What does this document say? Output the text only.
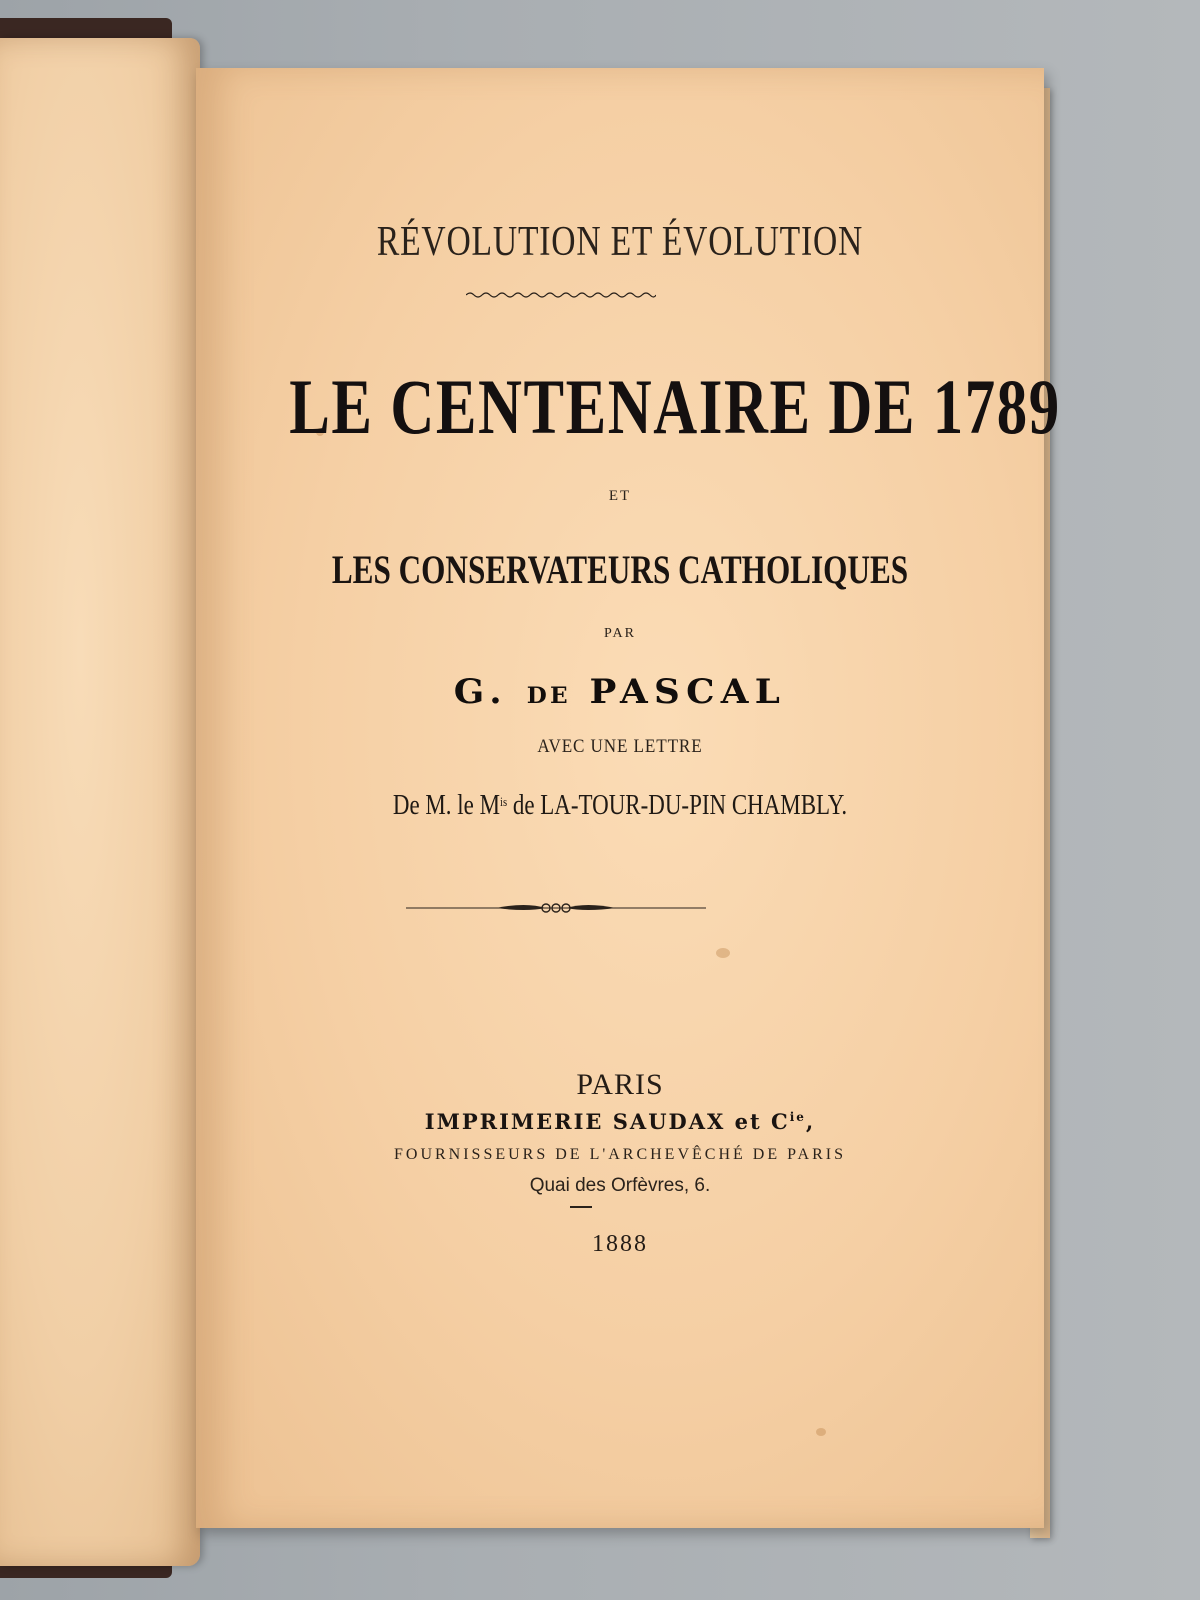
RÉVOLUTION ET ÉVOLUTION
LE CENTENAIRE DE 1789
ET
LES CONSERVATEURS CATHOLIQUES
PAR
G. DE PASCAL
AVEC UNE LETTRE
De M. le $M^{is}$ de LA-TOUR-DU-PIN CHAMBLY.
PARIS
IMPRIMERIE SAUDAX et $C^{ie}$,
FOURNISSEURS DE L'ARCHEVÊCHÉ DE PARIS
Quai des Orfèvres, 6.
1888
